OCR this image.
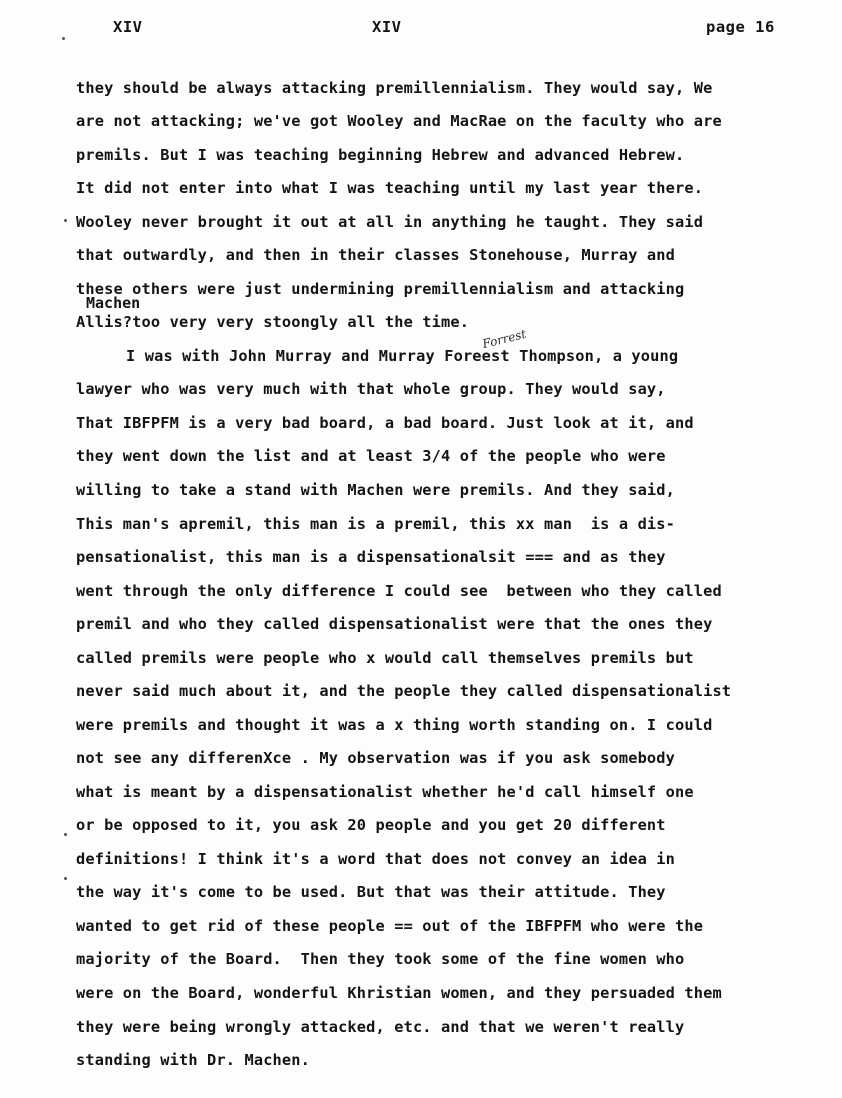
XIV	XIV	page 16
they should be always attacking premillennialism. They would say, We
are not attacking; we've got Wooley and MacRae on the faculty who are
premils. But I was teaching beginning Hebrew and advanced Hebrew.
It did not enter into what I was teaching until my last year there.
Wooley never brought it out at all in anything he taught. They said
that outwardly, and then in their classes Stonehouse, Murray and
these others were just undermining premillennialism and attacking
Machen
Allis?too very very stoongly all the time.
Forrest
I was with John Murray and Murray Foreest Thompson, a young
lawyer who was very much with that whole group. They would say,
That IBFPFM is a very bad board, a bad board. Just look at it, and
they went down the list and at least 3/4 of the people who were
willing to take a stand with Machen were premils. And they said,
This man's apremil, this man is a premil, this xx man  is a dis-
pensationalist, this man is a dispensationalsit === and as they
went through the only difference I could see  between who they called
premil and who they called dispensationalist were that the ones they
called premils were people who x would call themselves premils but
never said much about it, and the people they called dispensationalist
were premils and thought it was a x thing worth standing on. I could
not see any differenXce . My observation was if you ask somebody
what is meant by a dispensationalist whether he'd call himself one
or be opposed to it, you ask 20 people and you get 20 different
definitions! I think it's a word that does not convey an idea in
the way it's come to be used. But that was their attitude. They
wanted to get rid of these people == out of the IBFPFM who were the
majority of the Board.  Then they took some of the fine women who
were on the Board, wonderful Khristian women, and they persuaded them
they were being wrongly attacked, etc. and that we weren't really
standing with Dr. Machen.
